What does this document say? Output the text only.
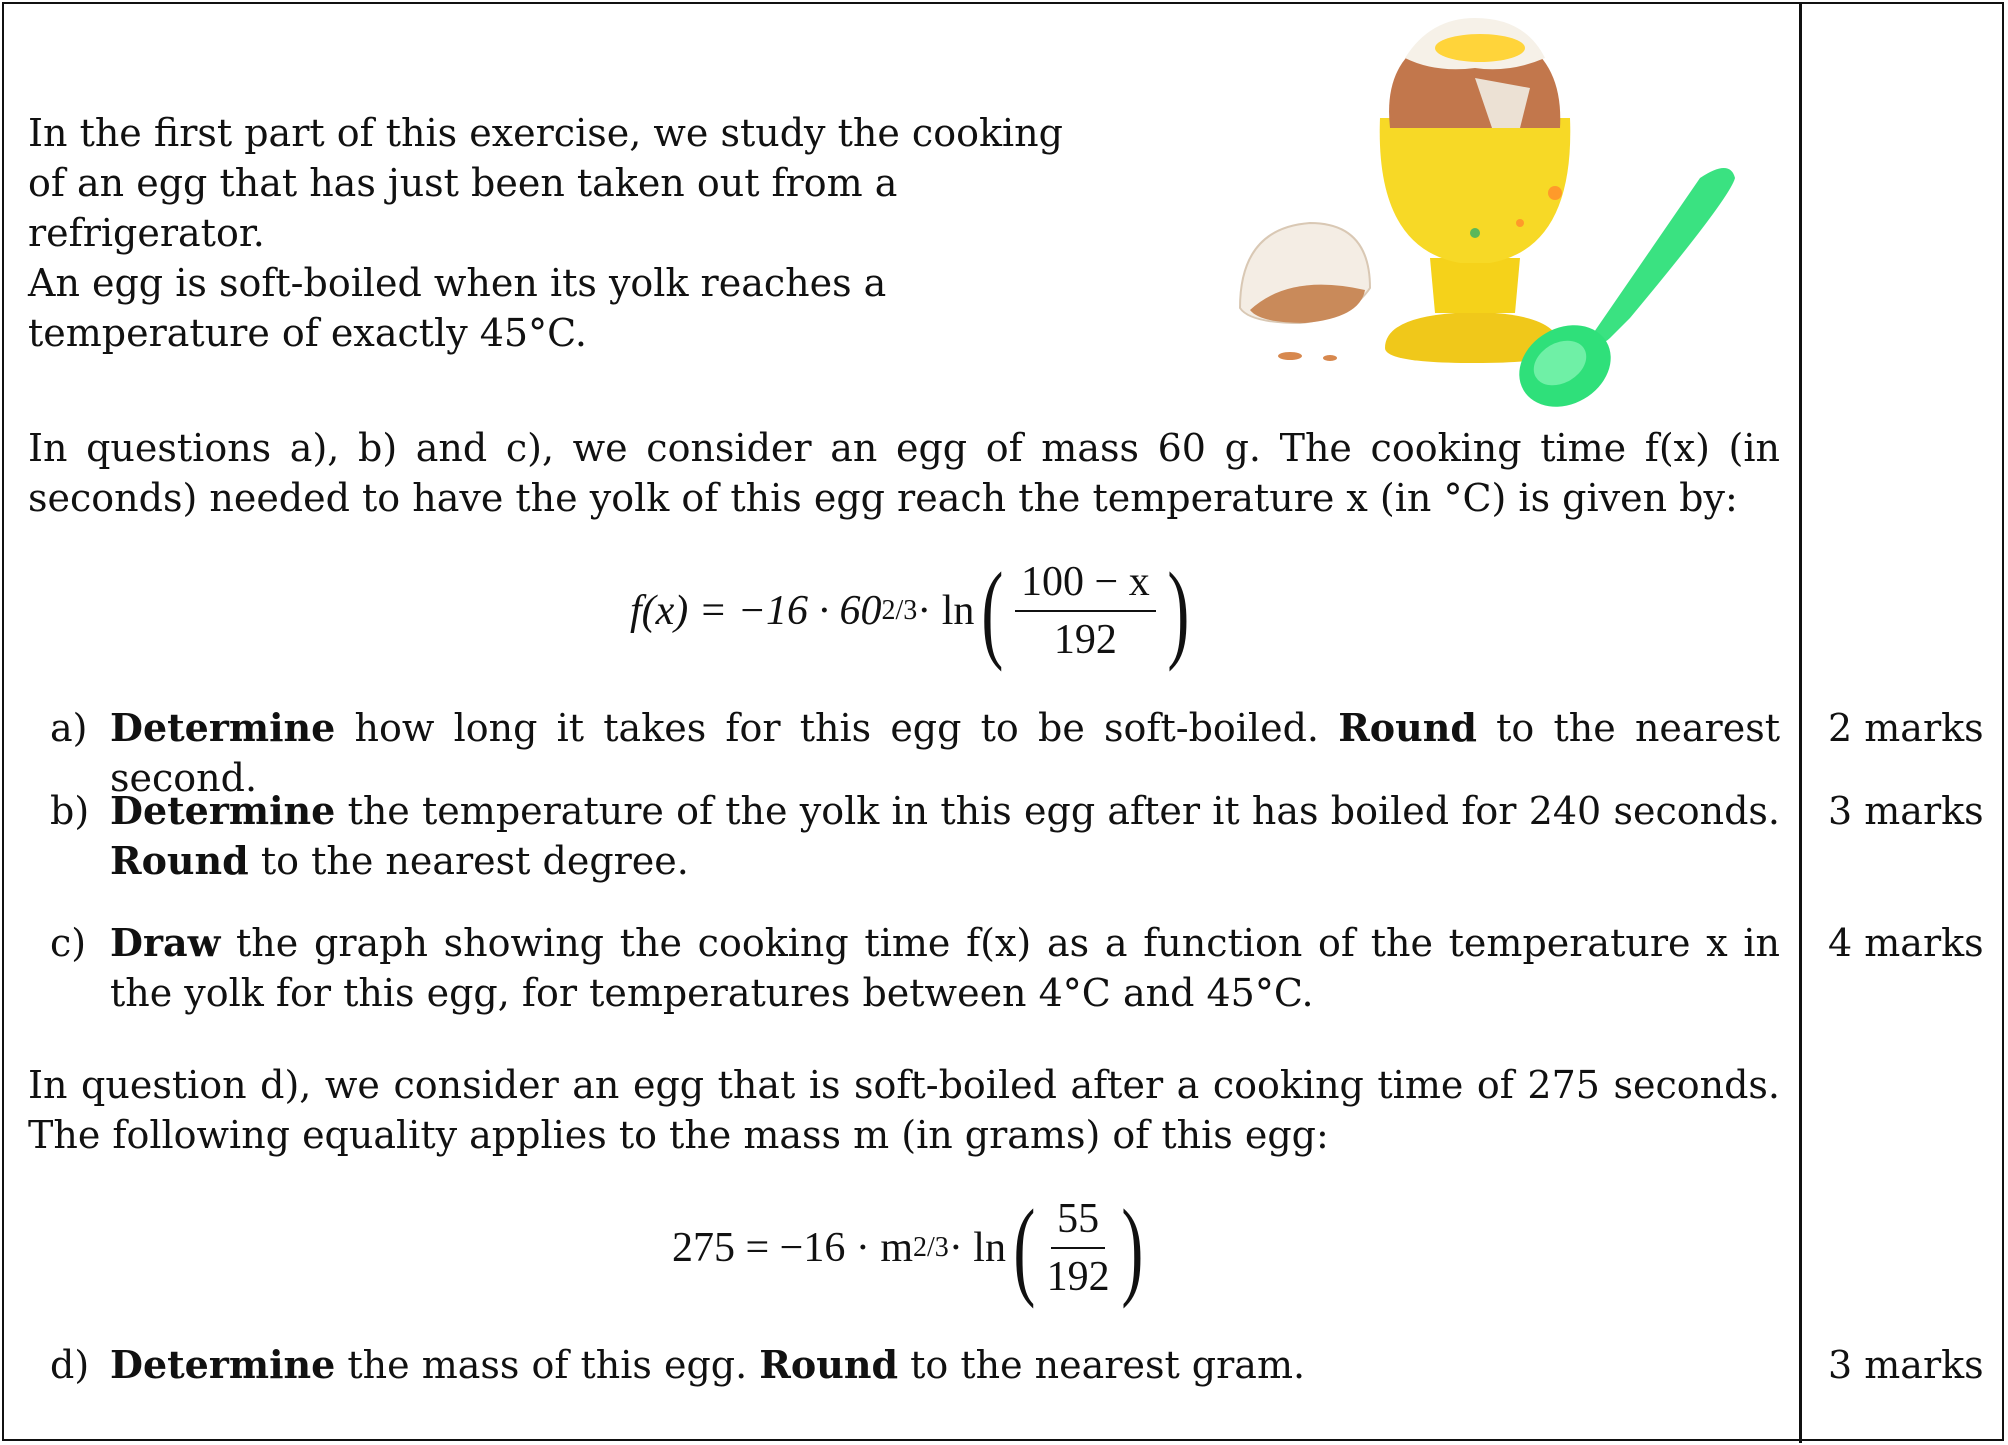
In the first part of this exercise, we study the cooking of an egg that has just been taken out from a refrigerator.

An egg is soft-boiled when its yolk reaches a temperature of exactly 45°C.

In questions a), b) and c), we consider an egg of mass 60 g. The cooking time f(x) (in seconds) needed to have the yolk of this egg reach the temperature x (in °C) is given by:
f(x) = −16 · 60 2/3 · ln ( $\frac{100 - x}{192}$ )
a) Determine how long it takes for this egg to be soft-boiled. Round to the nearest second.
2 marks
b) Determine the temperature of the yolk in this egg after it has boiled for 240 seconds. Round to the nearest degree.
3 marks
c) Draw the graph showing the cooking time f(x) as a function of the temperature x in the yolk for this egg, for temperatures between 4°C and 45°C.
4 marks
In question d), we consider an egg that is soft-boiled after a cooking time of 275 seconds. The following equality applies to the mass m (in grams) of this egg:
275 = −16 · m 2/3 · ln ( $\frac{55}{192}$ )
d) Determine the mass of this egg. Round to the nearest gram.	3 marks
